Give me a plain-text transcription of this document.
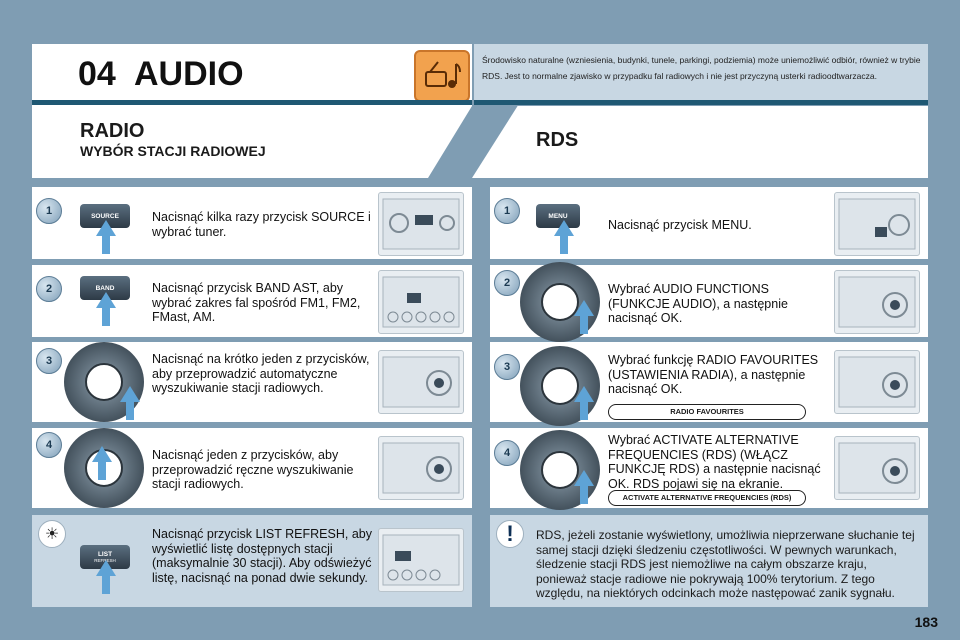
04 AUDIO	Środowisko naturalne (wzniesienia, budynki, tunele, parkingi, podziemia) może uniemożliwić odbiór, również w trybie RDS. Jest to normalne zjawisko w przypadku fal radiowych i nie jest przyczyną usterki radioodtwarzacza.
RADIO
WYBÓR STACJI RADIOWEJ	RDS
1	SOURCE	Nacisnąć kilka razy przycisk SOURCE i wybrać tuner.
2	BAND	Nacisnąć przycisk BAND AST, aby wybrać zakres fal spośród FM1, FM2, FMast, AM.
3	Nacisnąć na krótko jeden z przycisków, aby przeprowadzić automatyczne wyszukiwanie stacji radiowych.
4
Nacisnąć jeden z przycisków, aby przeprowadzić ręczne wyszukiwanie stacji radiowych.
☀
LIST
REFRESH
Nacisnąć przycisk LIST REFRESH, aby wyświetlić listę dostępnych stacji (maksymalnie 30 stacji). Aby odświeżyć listę, nacisnąć na ponad dwie sekundy.
1	MENU
Nacisnąć przycisk MENU.
2	Wybrać AUDIO FUNCTIONS (FUNKCJE AUDIO), a następnie nacisnąć OK.
3	Wybrać funkcję RADIO FAVOURITES (USTAWIENIA RADIA), a następnie nacisnąć OK.
RADIO FAVOURITES
4
Wybrać ACTIVATE ALTERNATIVE FREQUENCIES (RDS) (WŁĄCZ FUNKCJĘ RDS) a następnie nacisnąć OK. RDS pojawi się na ekranie.
ACTIVATE ALTERNATIVE FREQUENCIES (RDS)
!	RDS, jeżeli zostanie wyświetlony, umożliwia nieprzerwane słuchanie tej samej stacji dzięki śledzeniu częstotliwości. W pewnych warunkach, śledzenie stacji RDS jest niemożliwe na całym obszarze kraju, ponieważ stacje radiowe nie pokrywają 100% terytorium. Z tego względu, na niektórych odcinkach może następować zanik sygnału.
183
